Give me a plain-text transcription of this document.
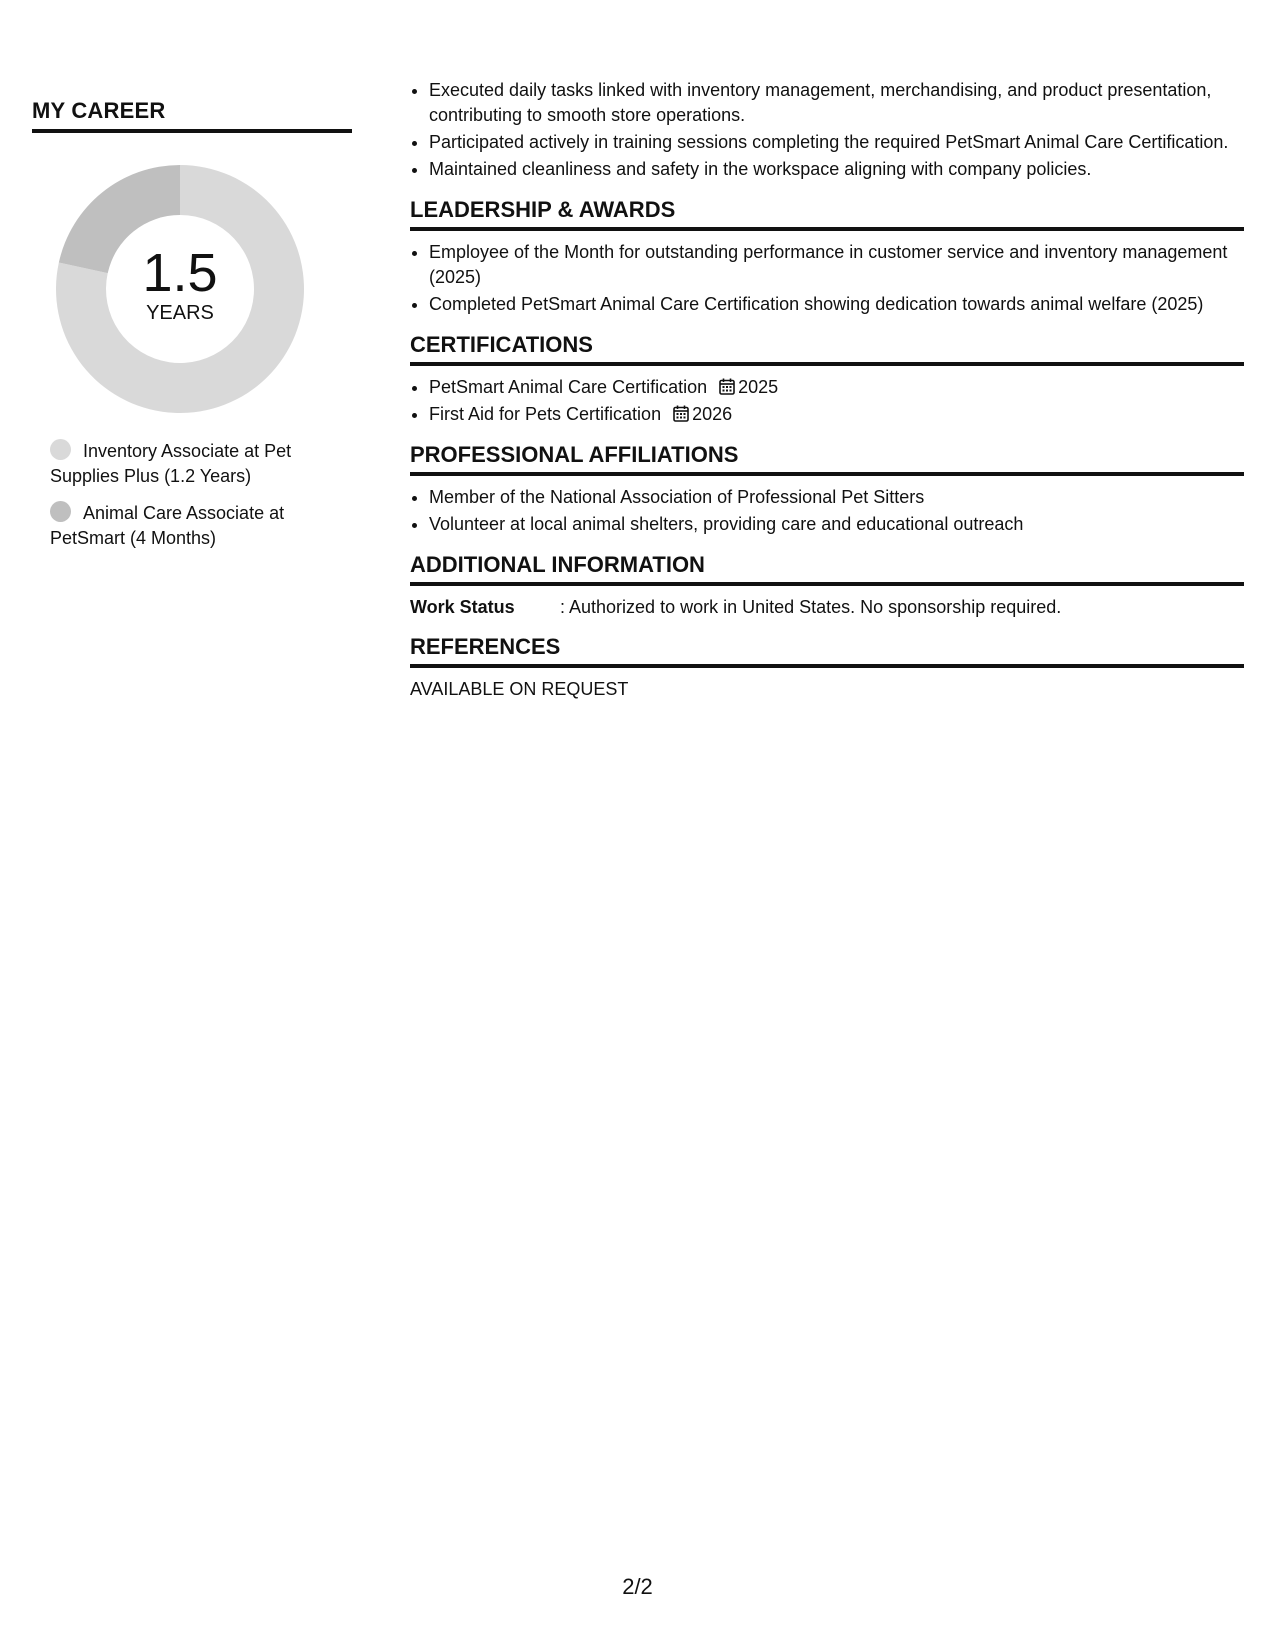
MY CAREER
1.5
YEARS
Inventory Associate at Pet Supplies Plus (1.2 Years)
Animal Care Associate at PetSmart (4 Months)
• Executed daily tasks linked with inventory management, merchandising, and product presentation, contributing to smooth store operations.
• Participated actively in training sessions completing the required PetSmart Animal Care Certification.
• Maintained cleanliness and safety in the workspace aligning with company policies.
LEADERSHIP & AWARDS
• Employee of the Month for outstanding performance in customer service and inventory management (2025)
• Completed PetSmart Animal Care Certification showing dedication towards animal welfare (2025)
CERTIFICATIONS
• PetSmart Animal Care Certification 2025
• First Aid for Pets Certification 2026
PROFESSIONAL AFFILIATIONS
• Member of the National Association of Professional Pet Sitters
• Volunteer at local animal shelters, providing care and educational outreach
ADDITIONAL INFORMATION
Work Status	: Authorized to work in United States. No sponsorship required.
REFERENCES
AVAILABLE ON REQUEST
2/2
